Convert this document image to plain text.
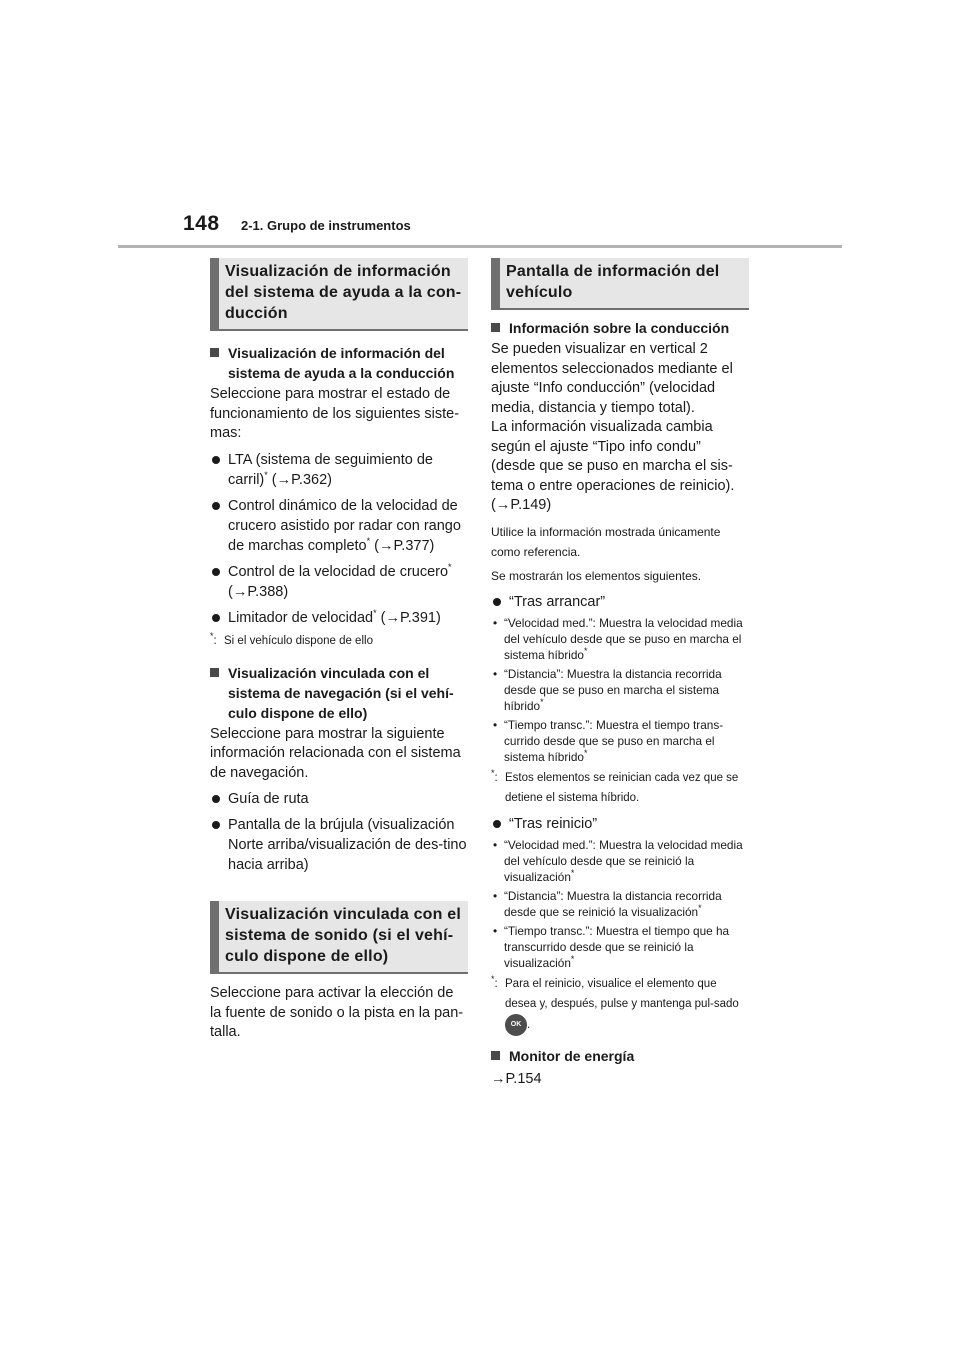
148 2-1. Grupo de instrumentos
Visualización de información del sistema de ayuda a la con-ducción
Visualización de información del sistema de ayuda a la conducción
Seleccione para mostrar el estado de funcionamiento de los siguientes siste-mas:
LTA (sistema de seguimiento de carril)* (→P.362)
Control dinámico de la velocidad de crucero asistido por radar con rango de marchas completo* (→P.377)
Control de la velocidad de crucero*
(→P.388)
Limitador de velocidad* (→P.391)
*: Si el vehículo dispone de ello
Visualización vinculada con el sistema de navegación (si el vehí-culo dispone de ello)
Seleccione para mostrar la siguiente información relacionada con el sistema de navegación.
Guía de ruta
Pantalla de la brújula (visualización Norte arriba/visualización de des-tino hacia arriba)
Visualización vinculada con el sistema de sonido (si el vehí-culo dispone de ello)
Seleccione para activar la elección de la fuente de sonido o la pista en la pan-talla.
Pantalla de información del vehículo
Información sobre la conducción
Se pueden visualizar en vertical 2 elementos seleccionados mediante el ajuste “Info conducción” (velocidad media, distancia y tiempo total).
La información visualizada cambia según el ajuste “Tipo info condu” (desde que se puso en marcha el sis-tema o entre operaciones de reinicio). (→P.149)
Utilice la información mostrada únicamente como referencia.
Se mostrarán los elementos siguientes.
“Tras arrancar”
• “Velocidad med.”: Muestra la velocidad media del vehículo desde que se puso en marcha el sistema híbrido*
• “Distancia”: Muestra la distancia recorrida desde que se puso en marcha el sistema híbrido*
• “Tiempo transc.”: Muestra el tiempo trans-currido desde que se puso en marcha el sistema híbrido*
*: Estos elementos se reinician cada vez que se detiene el sistema híbrido.
“Tras reinicio”
• “Velocidad med.”: Muestra la velocidad media del vehículo desde que se reinició la visualización*
• “Distancia”: Muestra la distancia recorrida desde que se reinició la visualización*
• “Tiempo transc.”: Muestra el tiempo que ha transcurrido desde que se reinició la visualización*
*: Para el reinicio, visualice el elemento que desea y, después, pulse y mantenga pul-sado OK .
Monitor de energía
→P.154
